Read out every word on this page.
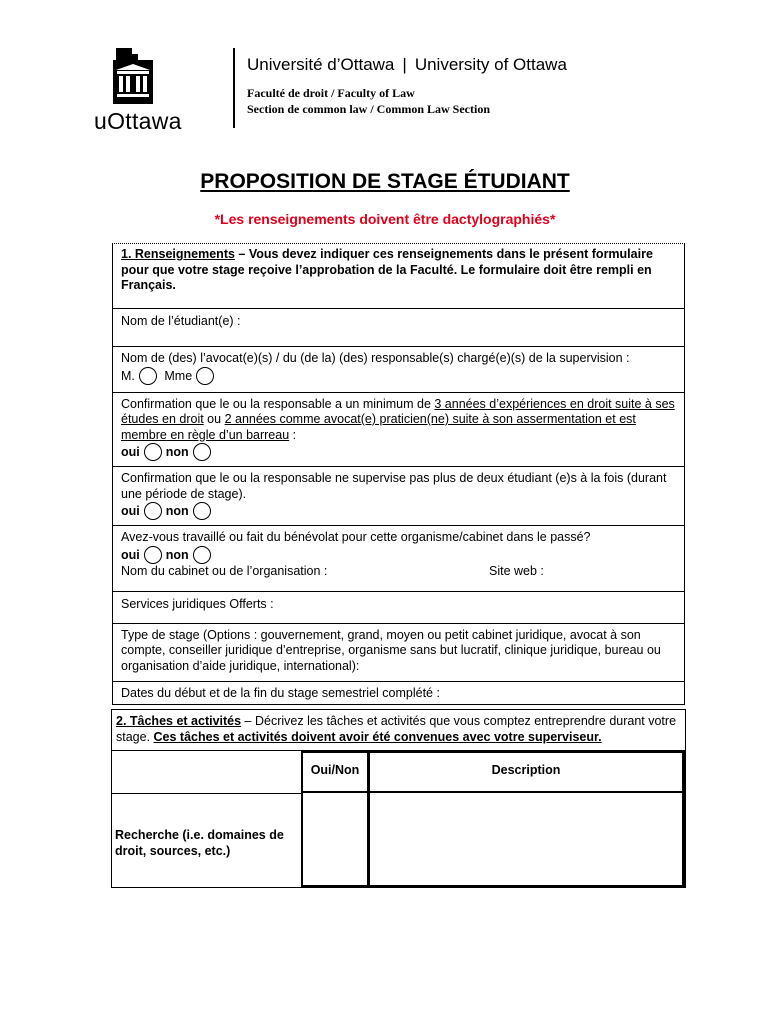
uOttawa
Université d’Ottawa | University of Ottawa
Faculté de droit / Faculty of Law
Section de common law / Common Law Section
PROPOSITION DE STAGE ÉTUDIANT
*Les renseignements doivent être dactylographiés*
1. Renseignements – Vous devez indiquer ces renseignements dans le présent formulaire pour que votre stage reçoive l’approbation de la Faculté. Le formulaire doit être rempli en Français.
Nom de l’étudiant(e) :
Nom de (des) l’avocat(e)(s) / du (de la) (des) responsable(s) chargé(e)(s) de la supervision :
M. Mme
Confirmation que le ou la responsable a un minimum de 3 années d’expériences en droit suite à ses études en droit ou 2 années comme avocat(e) praticien(ne) suite à son assermentation et est membre en règle d’un barreau :
oui non
Confirmation que le ou la responsable ne supervise pas plus de deux étudiant (e)s à la fois (durant une période de stage).
oui non
Avez-vous travaillé ou fait du bénévolat pour cette organisme/cabinet dans le passé?
oui non
Nom du cabinet ou de l’organisation :	Site web :
Services juridiques Offerts :
Type de stage (Options : gouvernement, grand, moyen ou petit cabinet juridique, avocat à son compte, conseiller juridique d’entreprise, organisme sans but lucratif, clinique juridique, bureau ou organisation d’aide juridique, international):
Dates du début et de la fin du stage semestriel complété :
2. Tâches et activités – Décrivez les tâches et activités que vous comptez entreprendre durant votre stage. Ces tâches et activités doivent avoir été convenues avec votre superviseur.
Oui/Non	Description
Recherche (i.e. domaines de droit, sources, etc.)
